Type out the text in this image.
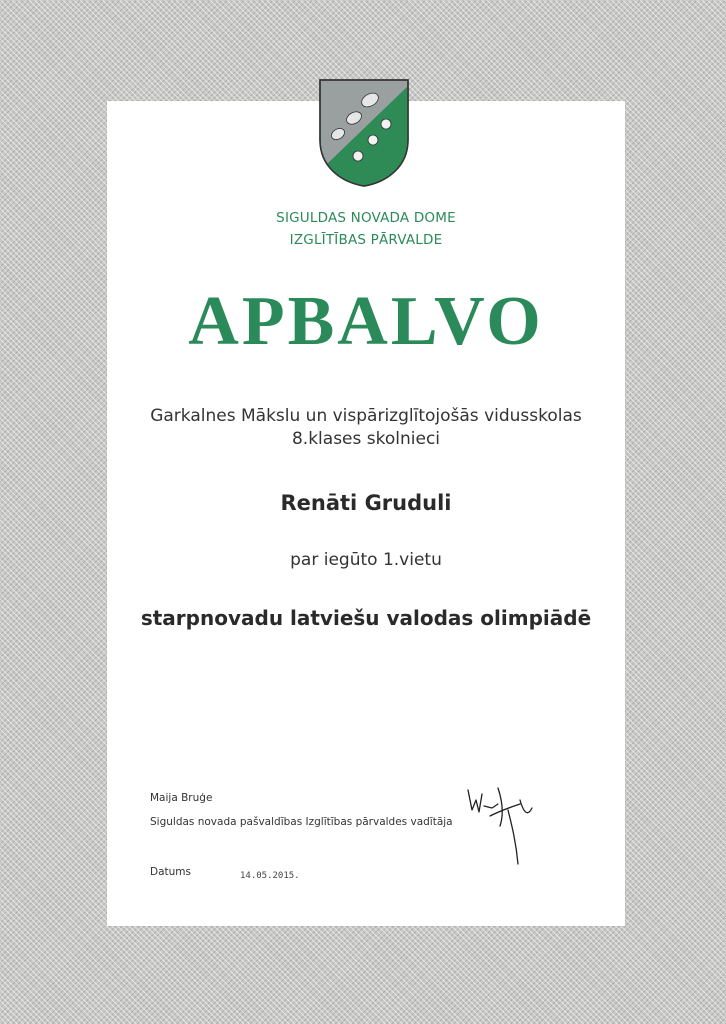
SIGULDAS NOVADA DOME
IZGLĪTĪBAS PĀRVALDE
APBALVO
Garkalnes Mākslu un vispārizglītojošās vidusskolas
8.klases skolnieci
Renāti Gruduli
par iegūto 1.vietu
starpnovadu latviešu valodas olimpiādē
Maija Bruģe
Siguldas novada pašvaldības Izglītības pārvaldes vadītāja
Datums	14.05.2015.
